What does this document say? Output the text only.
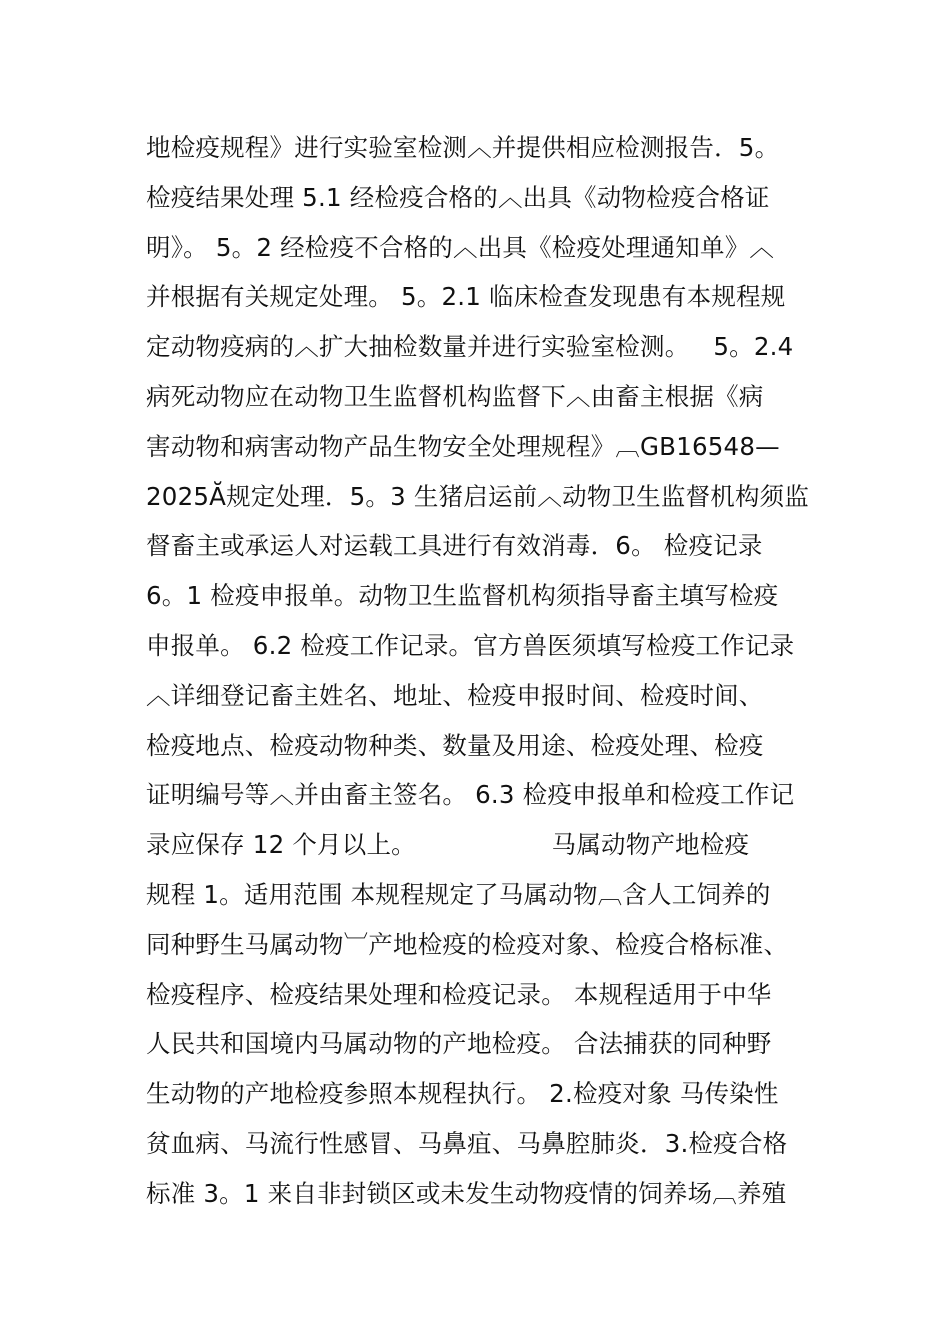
地检疫规程》进行实验室检测︿并提供相应检测报告．5。
检疫结果处理 5.1 经检疫合格的︿出具《动物检疫合格证
明》。 5。2 经检疫不合格的︿出具《检疫处理通知单》︿
并根据有关规定处理。 5。2.1 临床检查发现患有本规程规
定动物疫病的︿扩大抽检数量并进行实验室检测。   5。2.4
病死动物应在动物卫生监督机构监督下︿由畜主根据《病
害动物和病害动物产品生物安全处理规程》︹GB16548—
2025Ă规定处理．5。3 生猪启运前︿动物卫生监督机构须监
督畜主或承运人对运载工具进行有效消毒．6。 检疫记录
6。1 检疫申报单。动物卫生监督机构须指导畜主填写检疫
申报单。 6.2 检疫工作记录。官方兽医须填写检疫工作记录
︿详细登记畜主姓名、地址、检疫申报时间、检疫时间、
检疫地点、检疫动物种类、数量及用途、检疫处理、检疫
证明编号等︿并由畜主签名。 6.3 检疫申报单和检疫工作记
录应保存 12 个月以上。                 马属动物产地检疫
规程 1。适用范围 本规程规定了马属动物︹含人工饲养的
同种野生马属动物︺产地检疫的检疫对象、检疫合格标准、
检疫程序、检疫结果处理和检疫记录。 本规程适用于中华
人民共和国境内马属动物的产地检疫。 合法捕获的同种野
生动物的产地检疫参照本规程执行。 2.检疫对象 马传染性
贫血病、马流行性感冒、马鼻疽、马鼻腔肺炎．3.检疫合格
标准 3。1 来自非封锁区或未发生动物疫情的饲养场︹养殖
